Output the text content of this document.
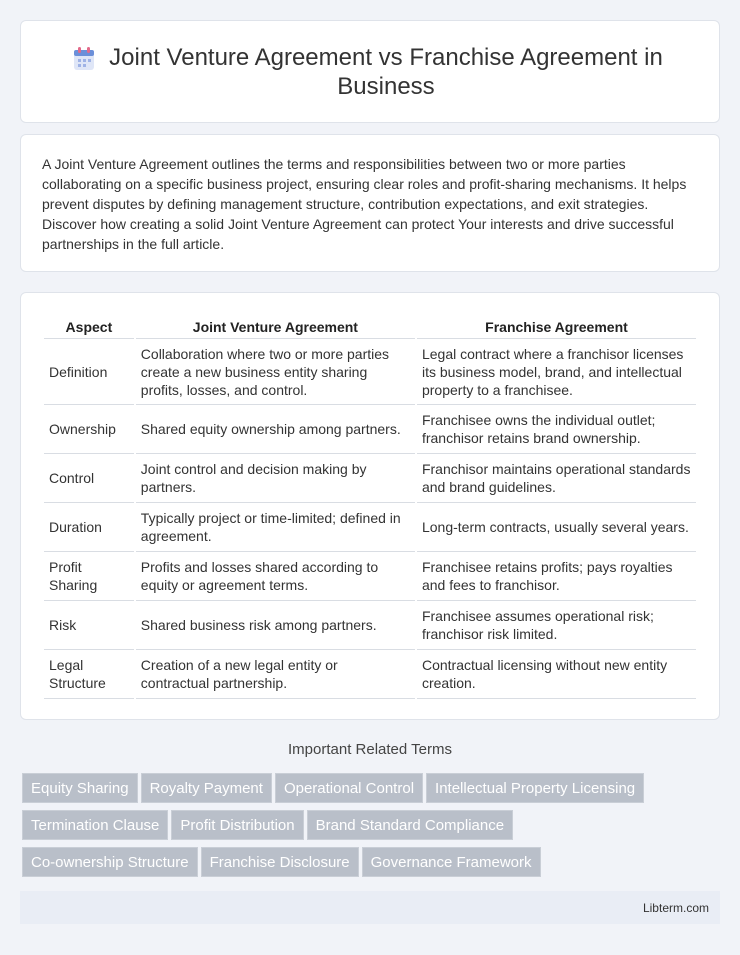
Joint Venture Agreement vs Franchise Agreement in Business

A Joint Venture Agreement outlines the terms and responsibilities between two or more parties collaborating on a specific business project, ensuring clear roles and profit-sharing mechanisms. It helps prevent disputes by defining management structure, contribution expectations, and exit strategies. Discover how creating a solid Joint Venture Agreement can protect Your interests and drive successful partnerships in the full article.

Aspect	Joint Venture Agreement	Franchise Agreement
Definition	Collaboration where two or more parties create a new business entity sharing profits, losses, and control.	Legal contract where a franchisor licenses its business model, brand, and intellectual property to a franchisee.
Ownership	Shared equity ownership among partners.	Franchisee owns the individual outlet; franchisor retains brand ownership.
Control	Joint control and decision making by partners.	Franchisor maintains operational standards and brand guidelines.
Duration	Typically project or time-limited; defined in agreement.	Long-term contracts, usually several years.
Profit Sharing	Profits and losses shared according to equity or agreement terms.	Franchisee retains profits; pays royalties and fees to franchisor.
Risk	Shared business risk among partners.	Franchisee assumes operational risk; franchisor risk limited.
Legal Structure	Creation of a new legal entity or contractual partnership.	Contractual licensing without new entity creation.
Important Related Terms
Equity Sharing Royalty Payment Operational Control Intellectual Property Licensing
Termination Clause Profit Distribution Brand Standard Compliance
Co-ownership Structure Franchise Disclosure Governance Framework
Libterm.com
